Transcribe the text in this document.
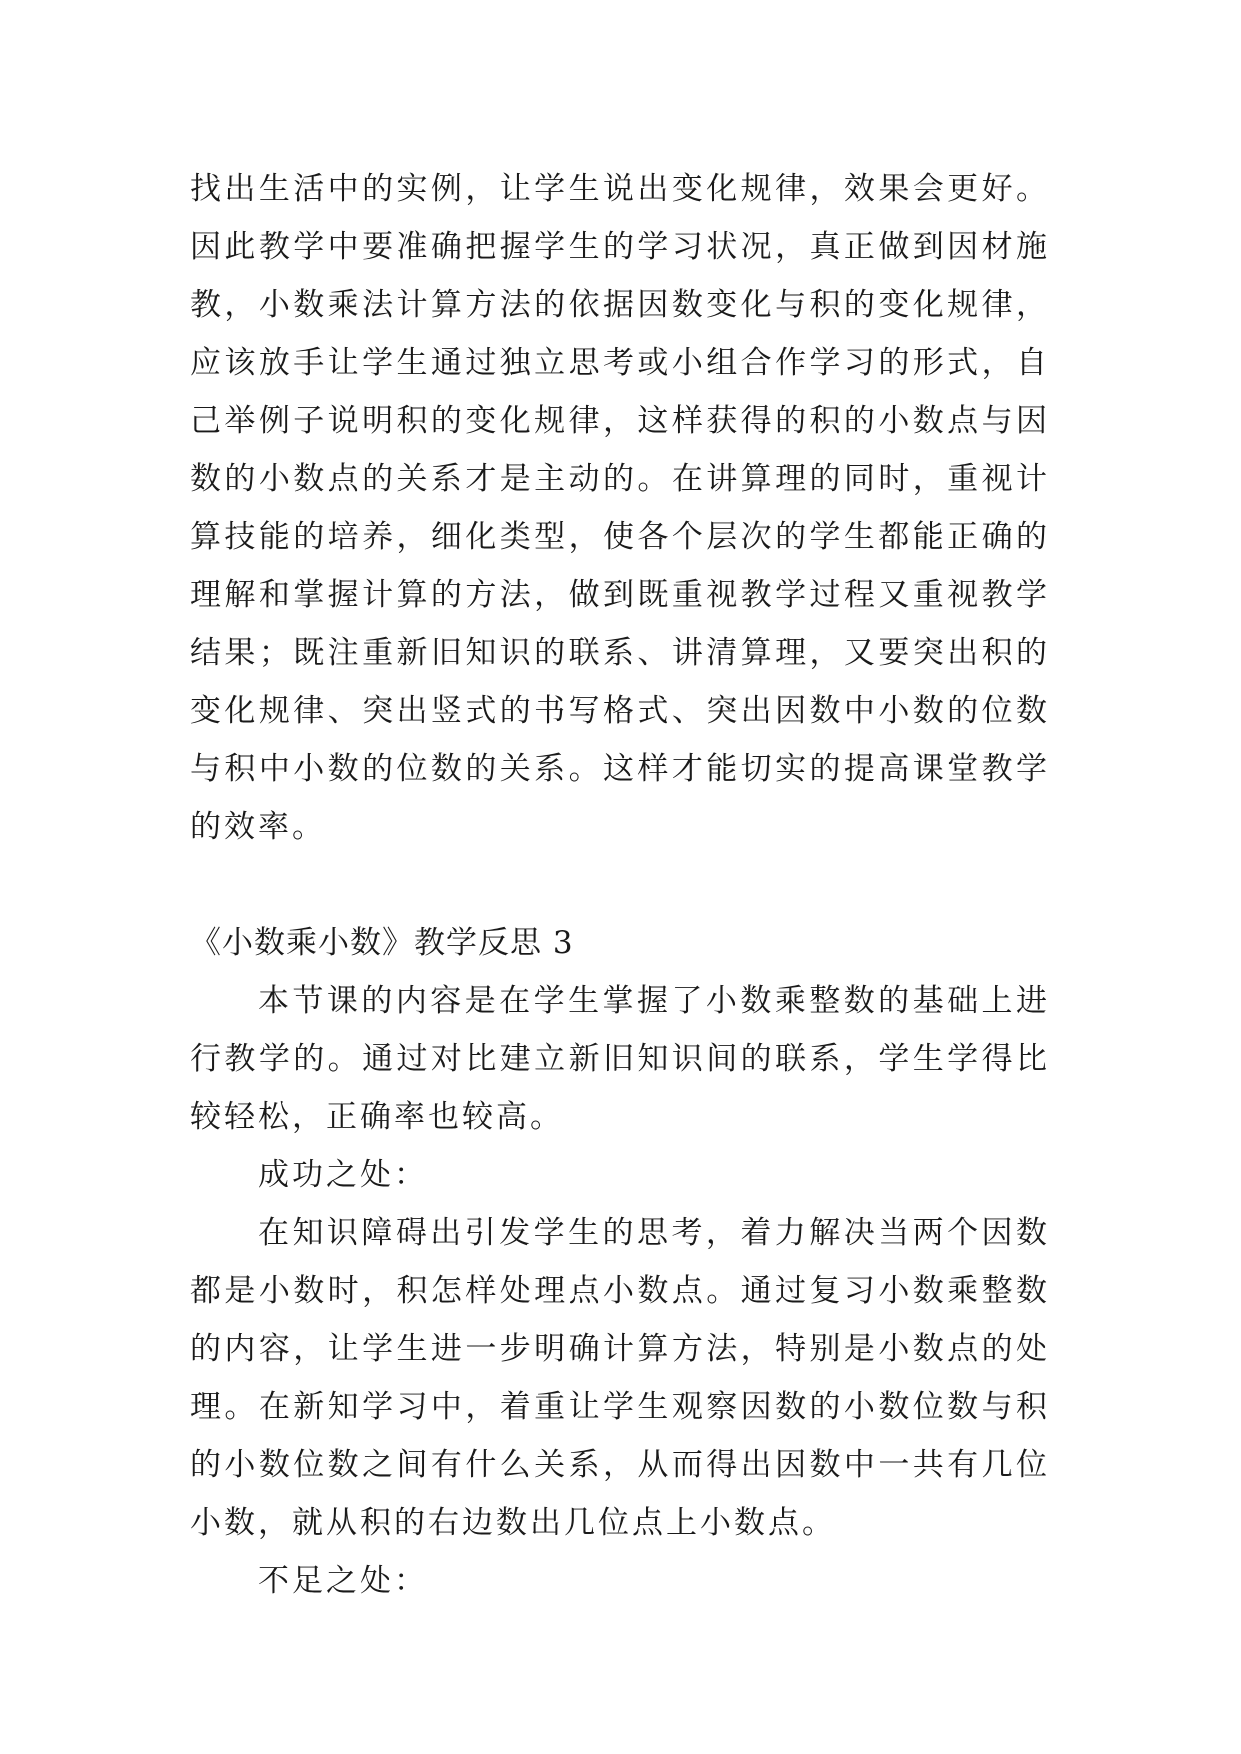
找出生活中的实例，让学生说出变化规律，效果会更好。因此教学中要准确把握学生的学习状况，真正做到因材施教，小数乘法计算方法的依据因数变化与积的变化规律，应该放手让学生通过独立思考或小组合作学习的形式，自己举例子说明积的变化规律，这样获得的积的小数点与因数的小数点的关系才是主动的。在讲算理的同时，重视计算技能的培养，细化类型，使各个层次的学生都能正确的理解和掌握计算的方法，做到既重视教学过程又重视教学结果；既注重新旧知识的联系、讲清算理，又要突出积的变化规律、突出竖式的书写格式、突出因数中小数的位数与积中小数的位数的关系。这样才能切实的提高课堂教学的效率。

《小数乘小数》教学反思 3

本节课的内容是在学生掌握了小数乘整数的基础上进行教学的。通过对比建立新旧知识间的联系，学生学得比较轻松，正确率也较高。

成功之处：

在知识障碍出引发学生的思考，着力解决当两个因数都是小数时，积怎样处理点小数点。通过复习小数乘整数的内容，让学生进一步明确计算方法，特别是小数点的处理。在新知学习中，着重让学生观察因数的小数位数与积的小数位数之间有什么关系，从而得出因数中一共有几位小数，就从积的右边数出几位点上小数点。

不足之处：
